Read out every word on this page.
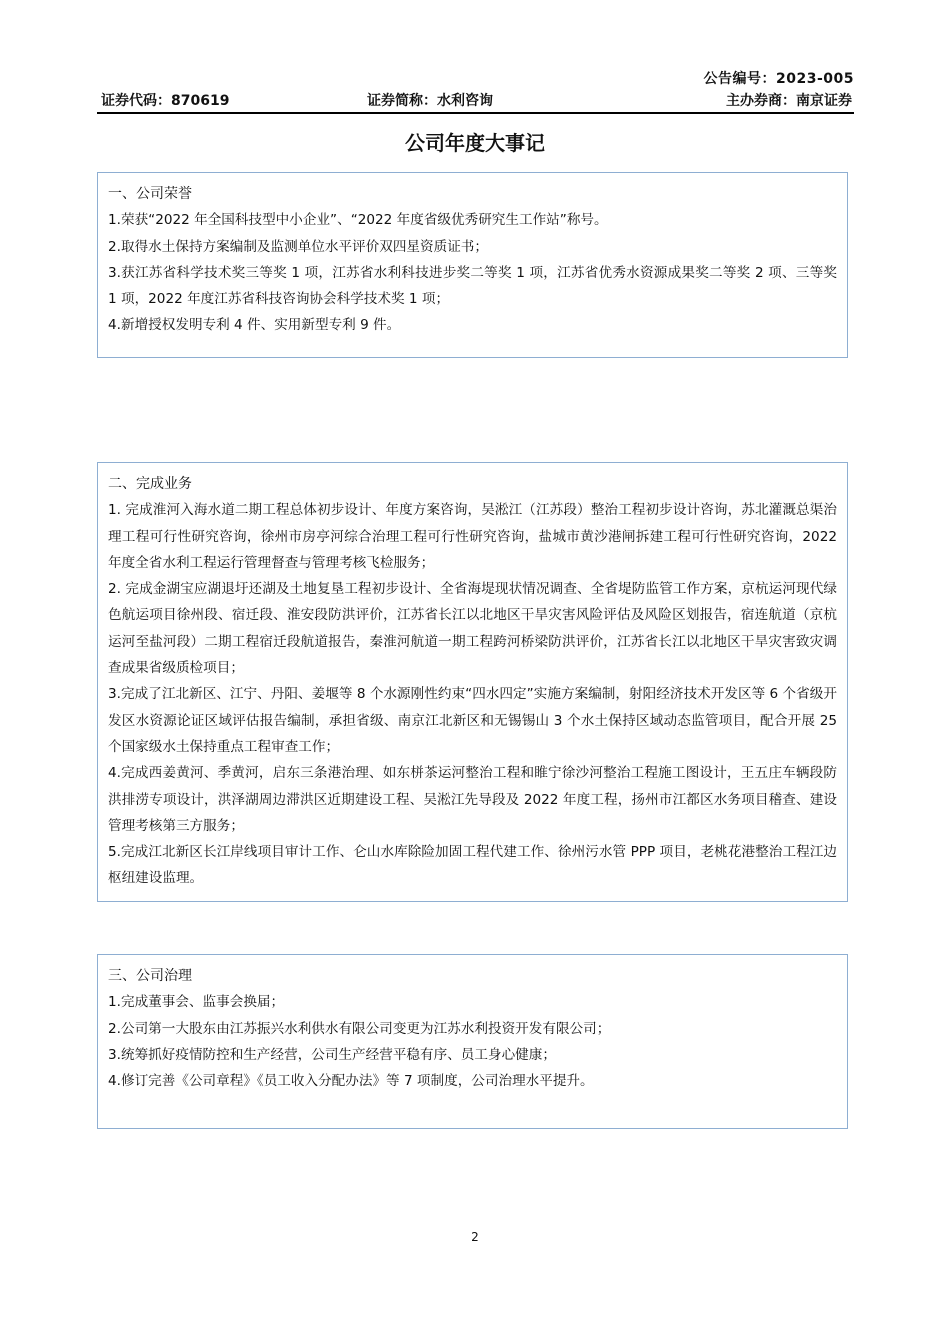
公告编号：2023-005
证券代码：870619	证券简称：水利咨询	主办券商：南京证券
公司年度大事记

一、公司荣誉

1.荣获“2022 年全国科技型中小企业”、“2022 年度省级优秀研究生工作站”称号。

2.取得水土保持方案编制及监测单位水平评价双四星资质证书；

3.获江苏省科学技术奖三等奖 1 项，江苏省水利科技进步奖二等奖 1 项，江苏省优秀水资源成果奖二等奖 2 项、三等奖 1 项，2022 年度江苏省科技咨询协会科学技术奖 1 项；

4.新增授权发明专利 4 件、实用新型专利 9 件。

二、完成业务

1. 完成淮河入海水道二期工程总体初步设计、年度方案咨询，吴淞江（江苏段）整治工程初步设计咨询，苏北灌溉总渠治理工程可行性研究咨询，徐州市房亭河综合治理工程可行性研究咨询，盐城市黄沙港闸拆建工程可行性研究咨询，2022 年度全省水利工程运行管理督查与管理考核飞检服务；

2. 完成金湖宝应湖退圩还湖及土地复垦工程初步设计、全省海堤现状情况调查、全省堤防监管工作方案，京杭运河现代绿色航运项目徐州段、宿迁段、淮安段防洪评价，江苏省长江以北地区干旱灾害风险评估及风险区划报告，宿连航道（京杭运河至盐河段）二期工程宿迁段航道报告，秦淮河航道一期工程跨河桥梁防洪评价，江苏省长江以北地区干旱灾害致灾调查成果省级质检项目；

3.完成了江北新区、江宁、丹阳、姜堰等 8 个水源刚性约束“四水四定”实施方案编制，射阳经济技术开发区等 6 个省级开发区水资源论证区域评估报告编制，承担省级、南京江北新区和无锡锡山 3 个水土保持区域动态监管项目，配合开展 25 个国家级水土保持重点工程审查工作；

4.完成西姜黄河、季黄河，启东三条港治理、如东栟茶运河整治工程和睢宁徐沙河整治工程施工图设计，王五庄车辆段防洪排涝专项设计，洪泽湖周边滞洪区近期建设工程、吴淞江先导段及 2022 年度工程，扬州市江都区水务项目稽查、建设管理考核第三方服务；

5.完成江北新区长江岸线项目审计工作、仑山水库除险加固工程代建工作、徐州污水管 PPP 项目，老桃花港整治工程江边枢纽建设监理。

三、公司治理

1.完成董事会、监事会换届；

2.公司第一大股东由江苏振兴水利供水有限公司变更为江苏水利投资开发有限公司；

3.统筹抓好疫情防控和生产经营，公司生产经营平稳有序、员工身心健康；

4.修订完善《公司章程》《员工收入分配办法》等 7 项制度，公司治理水平提升。

2
